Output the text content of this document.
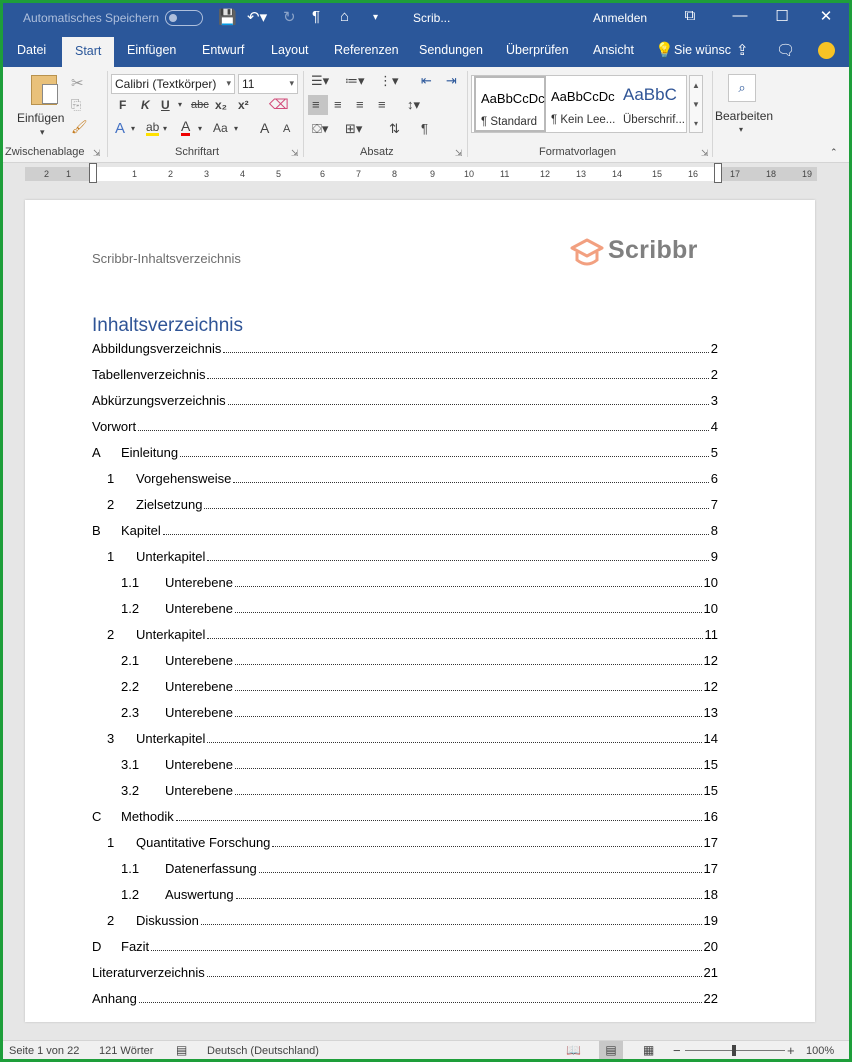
Automatisches Speichern	💾 ↶▾ ↻ ¶ ⌂ ▾	Scrib...	Anmelden	⧉	—	☐	✕
Datei	Start	Einfügen Entwurf Layout Referenzen Sendungen Überprüfen Ansicht 💡 Sie wünsc ⇪ 🗨
Einfügen
▾
✂
⎘
🖌
Zwischenablage ⇲
Calibri (Textkörper) ▾ 11	▾
F K U ▾ abc x₂ x² ⌫
A ▾ ab ▾ A ▾ Aa ▾ A A
Schriftart	⇲
☰▾ ≔▾ ⋮▾ ⇤ ⇥
≡ ≡ ≡ ≡ ↕▾
⛋▾ ⊞▾ ⇅ ¶
Absatz	⇲
AaBbCcDc
¶ Standard
AaBbCcDc
¶ Kein Lee...
AaBbC
Überschrif...
▲
▼
▾
Formatvorlagen	⇲
⌕
Bearbeiten
▾
⌃
2 1	1	2	3	4	5	6	7	8	9	10	11	12	13	14	15	16	17	18	19
Scribbr-Inhaltsverzeichnis	Scribbr
Inhaltsverzeichnis
Abbildungsverzeichnis	2
Tabellenverzeichnis	2
Abkürzungsverzeichnis	3
Vorwort	4
A	Einleitung	5
1	Vorgehensweise	6
2	Zielsetzung	7
B	Kapitel	8
1	Unterkapitel	9
1.1	Unterebene	10
1.2	Unterebene	10
2	Unterkapitel	11
2.1	Unterebene	12
2.2	Unterebene	12
2.3	Unterebene	13
3	Unterkapitel	14
3.1	Unterebene	15
3.2	Unterebene	15
C	Methodik	16
1	Quantitative Forschung	17
1.1	Datenerfassung	17
1.2	Auswertung	18
2	Diskussion	19
D	Fazit	20
Literaturverzeichnis	21
Anhang	22
Seite 1 von 22 121 Wörter ▤ Deutsch (Deutschland)	📖	▤	▦ −	+ 100%
